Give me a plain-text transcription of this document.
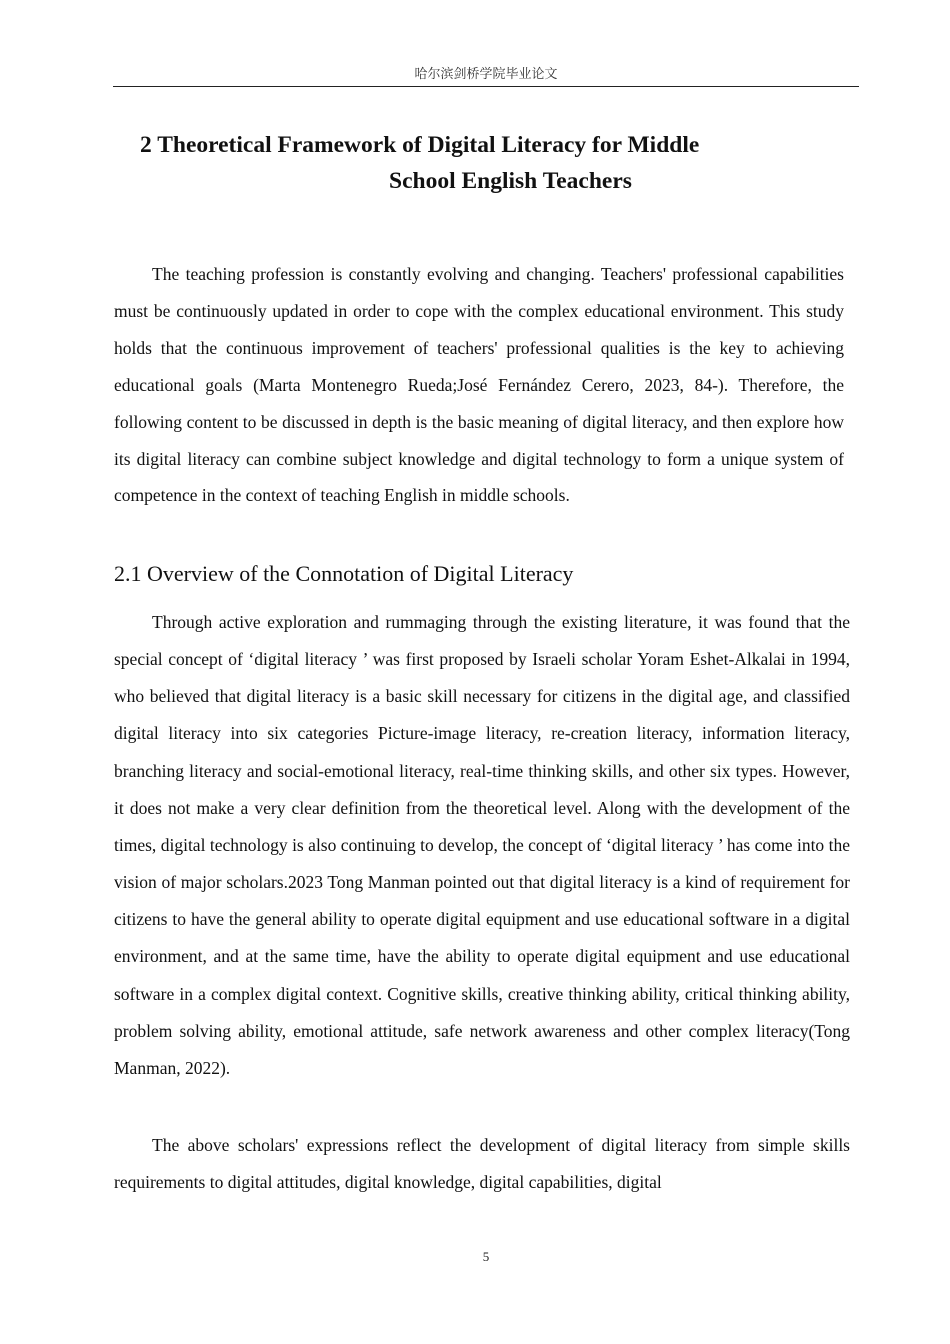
哈尔滨剑桥学院毕业论文
2 Theoretical Framework of Digital Literacy for Middle
School English Teachers

The teaching profession is constantly evolving and changing. Teachers' professional capabilities must be continuously updated in order to cope with the complex educational environment. This study holds that the continuous improvement of teachers' professional qualities is the key to achieving educational goals (Marta Montenegro Rueda;José Fernández Cerero, 2023, 84-). Therefore, the following content to be discussed in depth is the basic meaning of digital literacy, and then explore how its digital literacy can combine subject knowledge and digital technology to form a unique system of competence in the context of teaching English in middle schools.

2.1 Overview of the Connotation of Digital Literacy

Through active exploration and rummaging through the existing literature, it was found that the special concept of ‘digital literacy ’ was first proposed by Israeli scholar Yoram Eshet-Alkalai in 1994, who believed that digital literacy is a basic skill necessary for citizens in the digital age, and classified digital literacy into six categories Picture-image literacy, re-creation literacy, information literacy, branching literacy and social-emotional literacy, real-time thinking skills, and other six types. However, it does not make a very clear definition from the theoretical level. Along with the development of the times, digital technology is also continuing to develop, the concept of ‘digital literacy ’ has come into the vision of major scholars.2023 Tong Manman pointed out that digital literacy is a kind of requirement for citizens to have the general ability to operate digital equipment and use educational software in a digital environment, and at the same time, have the ability to operate digital equipment and use educational software in a complex digital context. Cognitive skills, creative thinking ability, critical thinking ability, problem solving ability, emotional attitude, safe network awareness and other complex literacy(Tong Manman, 2022).

The above scholars' expressions reflect the development of digital literacy from simple skills requirements to digital attitudes, digital knowledge, digital capabilities, digital

5
